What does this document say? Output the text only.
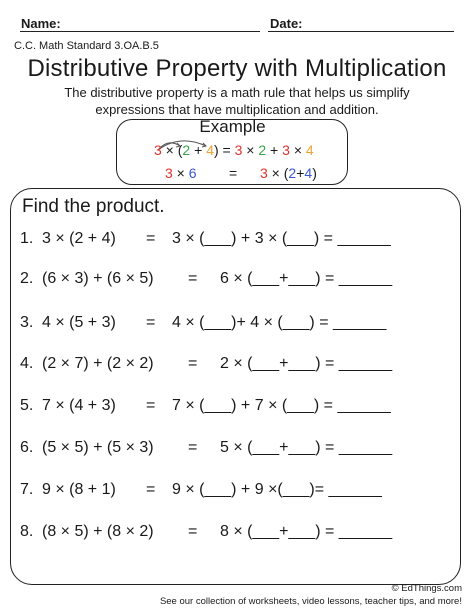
Name:	Date:
C.C. Math Standard 3.OA.B.5
Distributive Property with Multiplication
The distributive property is a math rule that helps us simplify expressions that have multiplication and addition.
Example
3 × (2 + 4) = 3 × 2 + 3 × 4
3 × 6 = 3 × (2+4)
Find the product.
1. 3 × (2 + 4) = 3 × (___) + 3 × (___) = ______
2. (6 × 3) + (6 × 5) = 6 × (___+___) = ______
3. 4 × (5 + 3) = 4 × (___)+ 4 × (___) = ______
4. (2 × 7) + (2 × 2) = 2 × (___+___) = ______
5. 7 × (4 + 3) = 7 × (___) + 7 × (___) = ______
6. (5 × 5) + (5 × 3) = 5 × (___+___) = ______
7. 9 × (8 + 1) = 9 × (___) + 9 ×(___)= ______
8. (8 × 5) + (8 × 2) = 8 × (___+___) = ______
© EdThings.com
See our collection of worksheets, video lessons, teacher tips, and more!
